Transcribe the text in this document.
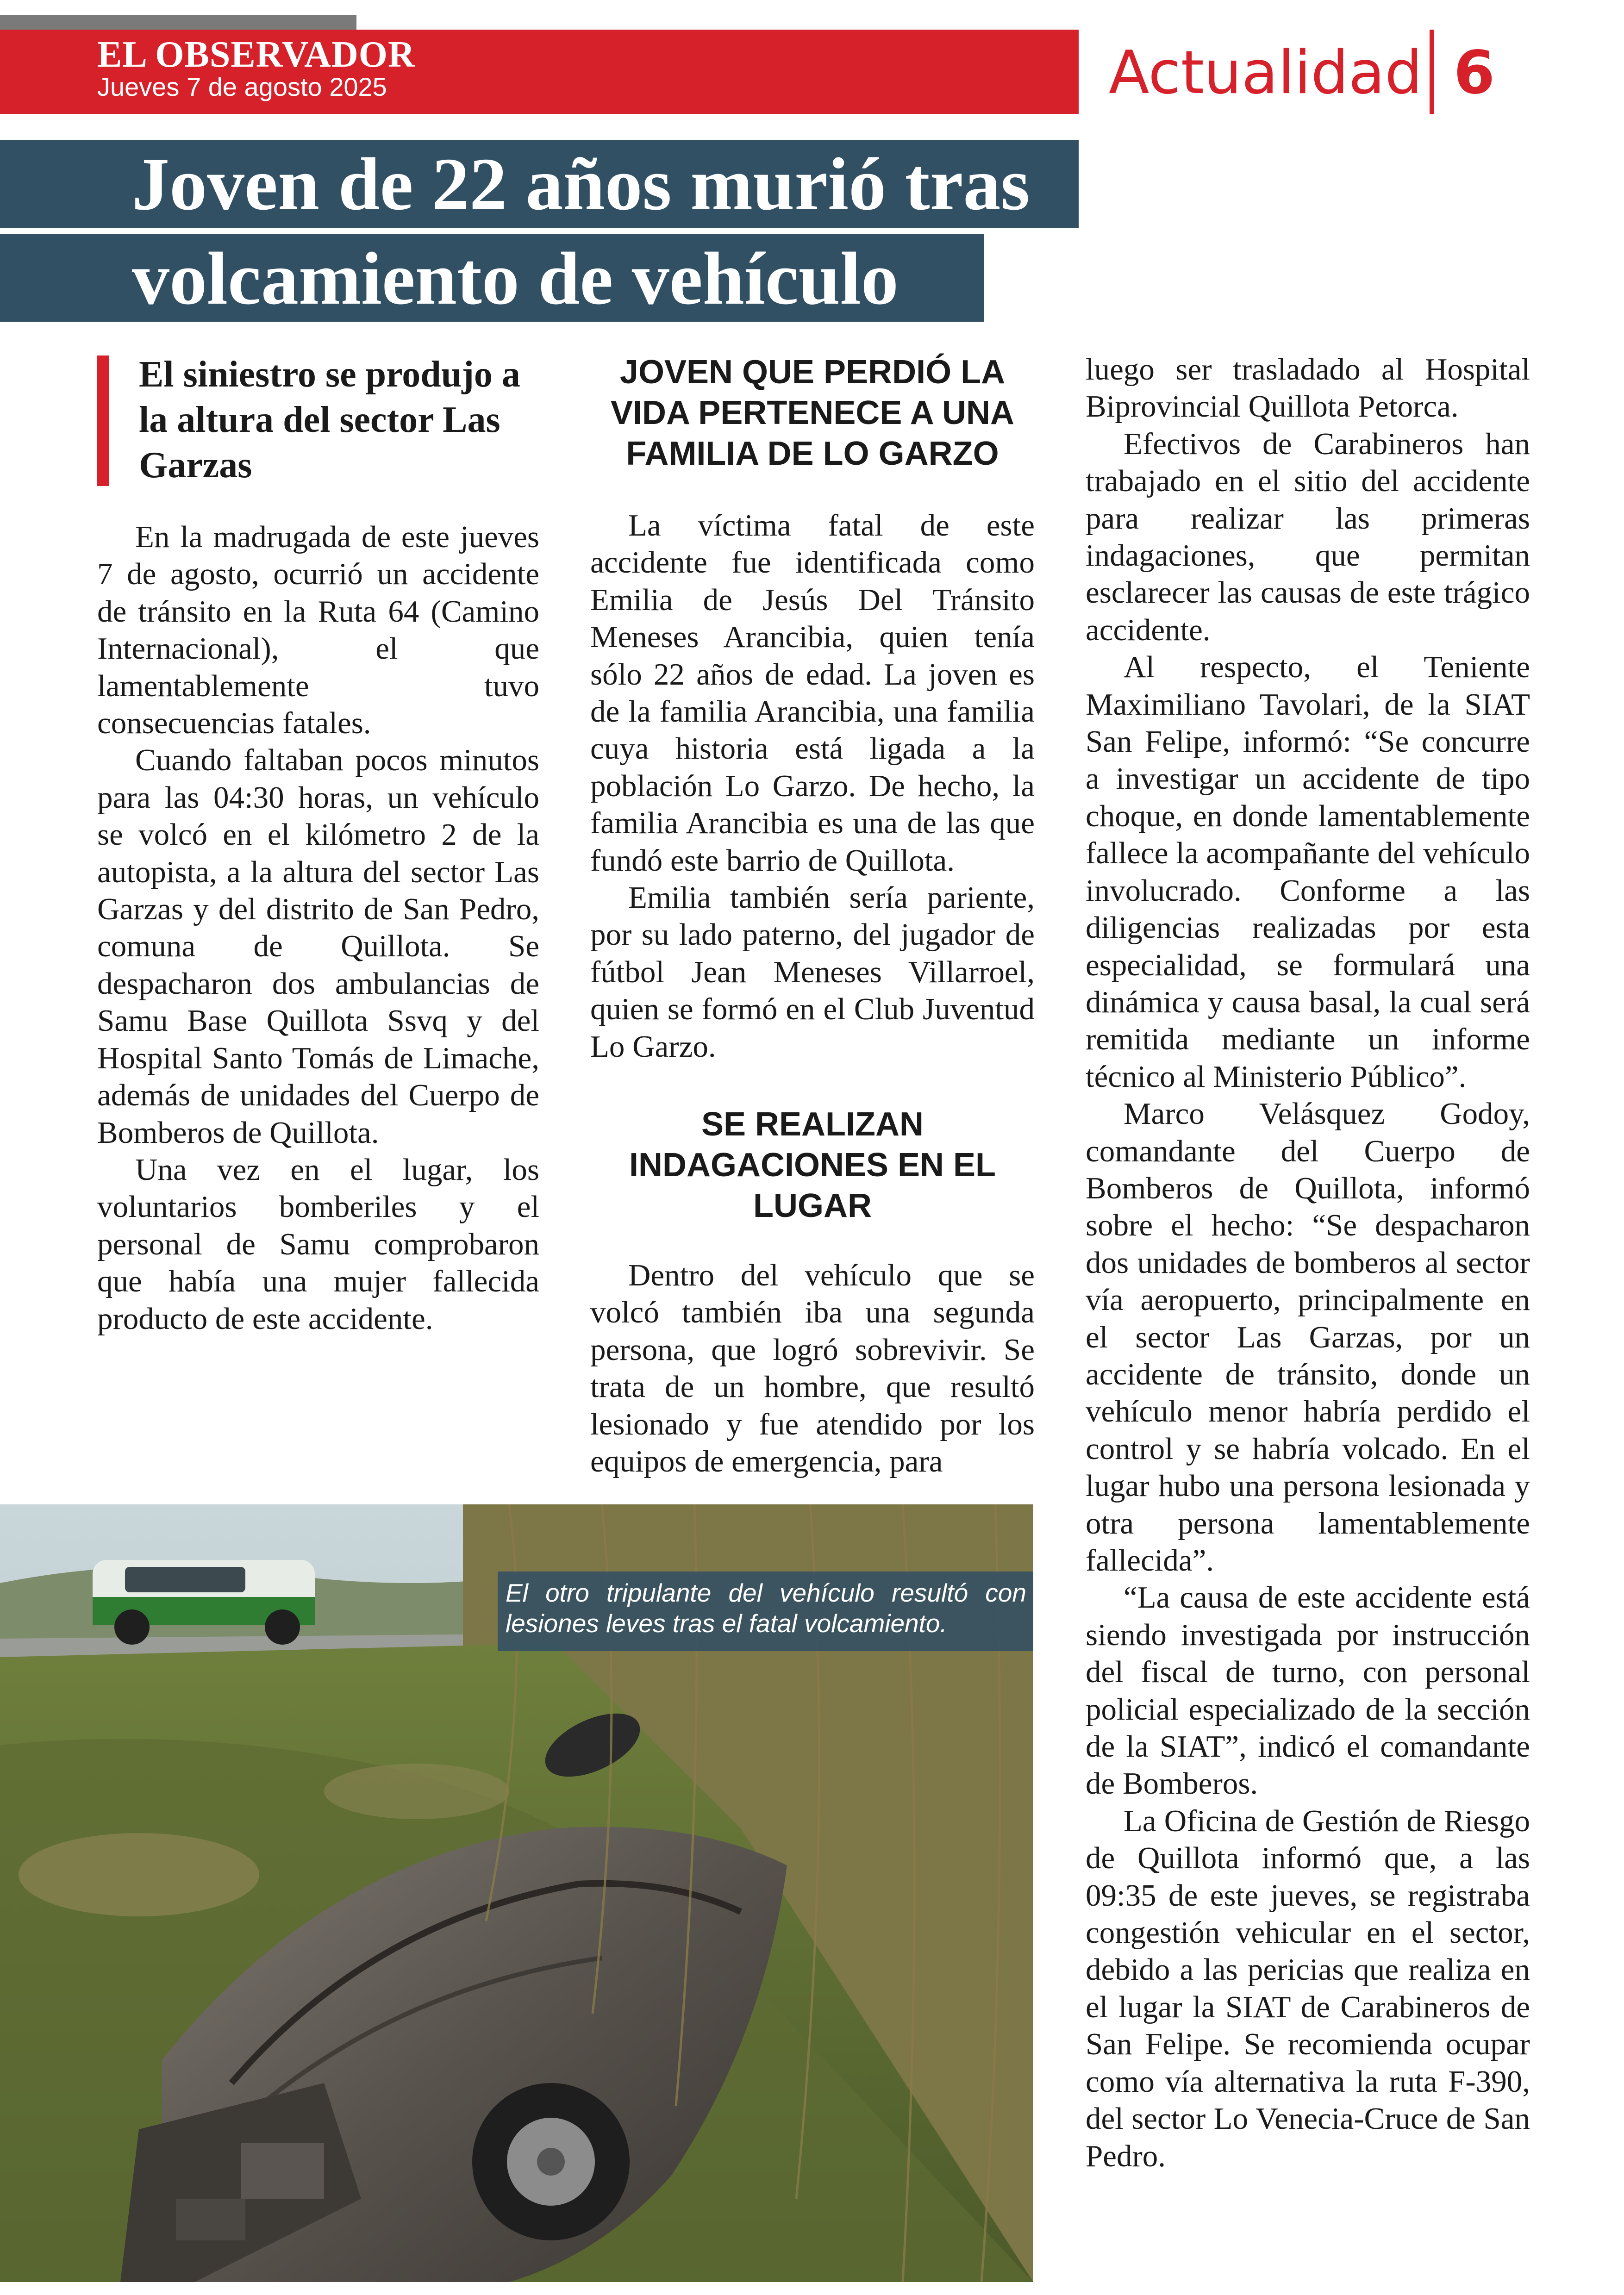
EL OBSERVADOR
Jueves 7 de agosto 2025	Actualidad 6
Joven de 22 años murió tras
volcamiento de vehículo
El siniestro se produjo a la altura del sector Las Garzas

En la madrugada de este jueves 7 de agosto, ocurrió un accidente de tránsito en la Ruta 64 (Camino Internacional), el que lamentablemente tuvo consecuencias fatales.

Cuando faltaban pocos minutos para las 04:30 horas, un vehículo se volcó en el kilómetro 2 de la autopista, a la altura del sector Las Garzas y del distrito de San Pedro, comuna de Quillota. Se despacharon dos ambulancias de Samu Base Quillota Ssvq y del Hospital Santo Tomás de Limache, además de unidades del Cuerpo de Bomberos de Quillota.

Una vez en el lugar, los voluntarios bomberiles y el personal de Samu comprobaron que había una mujer fallecida producto de este accidente.

JOVEN QUE PERDIÓ LA VIDA PERTENECE A UNA FAMILIA DE LO GARZO

La víctima fatal de este accidente fue identificada como Emilia de Jesús Del Tránsito Meneses Arancibia, quien tenía sólo 22 años de edad. La joven es de la familia Arancibia, una familia cuya historia está ligada a la población Lo Garzo. De hecho, la familia Arancibia es una de las que fundó este barrio de Quillota.

Emilia también sería pariente, por su lado paterno, del jugador de fútbol Jean Meneses Villarroel, quien se formó en el Club Juventud Lo Garzo.

SE REALIZAN INDAGACIONES EN EL LUGAR

Dentro del vehículo que se volcó también iba una segunda persona, que logró sobrevivir. Se trata de un hombre, que resultó lesionado y fue atendido por los equipos de emergencia, para

luego ser trasladado al Hospital Biprovincial Quillota Petorca.

Efectivos de Carabineros han trabajado en el sitio del accidente para realizar las primeras indagaciones, que permitan esclarecer las causas de este trágico accidente.

Al respecto, el Teniente Maximiliano Tavolari, de la SIAT San Felipe, informó: “Se concurre a investigar un accidente de tipo choque, en donde lamentablemente fallece la acompañante del vehículo involucrado. Conforme a las diligencias realizadas por esta especialidad, se formulará una dinámica y causa basal, la cual será remitida mediante un informe técnico al Ministerio Público”.

Marco Velásquez Godoy, comandante del Cuerpo de Bomberos de Quillota, informó sobre el hecho: “Se despacharon dos unidades de bomberos al sector vía aeropuerto, principalmente en el sector Las Garzas, por un accidente de tránsito, donde un vehículo menor habría perdido el control y se habría volcado. En el lugar hubo una persona lesionada y otra persona lamentablemente fallecida”.

“La causa de este accidente está siendo investigada por instrucción del fiscal de turno, con personal policial especializado de la sección de la SIAT”, indicó el comandante de Bomberos.

La Oficina de Gestión de Riesgo de Quillota informó que, a las 09:35 de este jueves, se registraba congestión vehicular en el sector, debido a las pericias que realiza en el lugar la SIAT de Carabineros de San Felipe. Se recomienda ocupar como vía alternativa la ruta F-390, del sector Lo Venecia-Cruce de San Pedro.

El otro tripulante del vehículo resultó con lesiones leves tras el fatal volcamiento.
